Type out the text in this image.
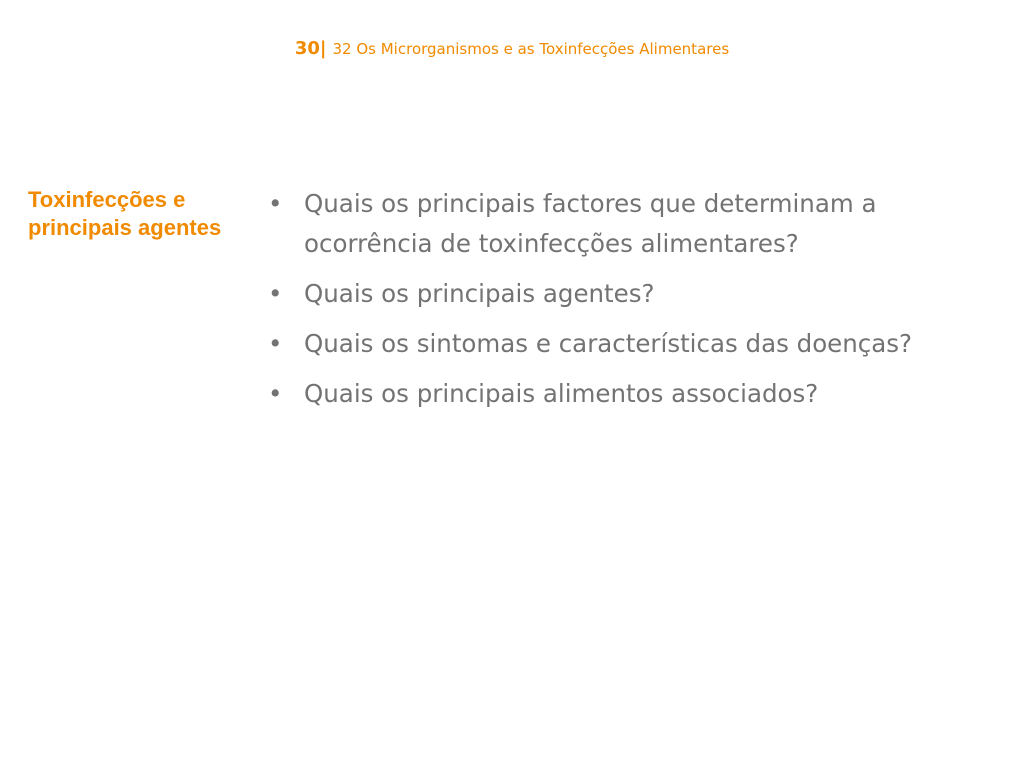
30| 32 Os Microrganismos e as Toxinfecções Alimentares
Toxinfecções e principais agentes
• Quais os principais factores que determinam a ocorrência de toxinfecções alimentares?
• Quais os principais agentes?
• Quais os sintomas e características das doenças?
• Quais os principais alimentos associados?
